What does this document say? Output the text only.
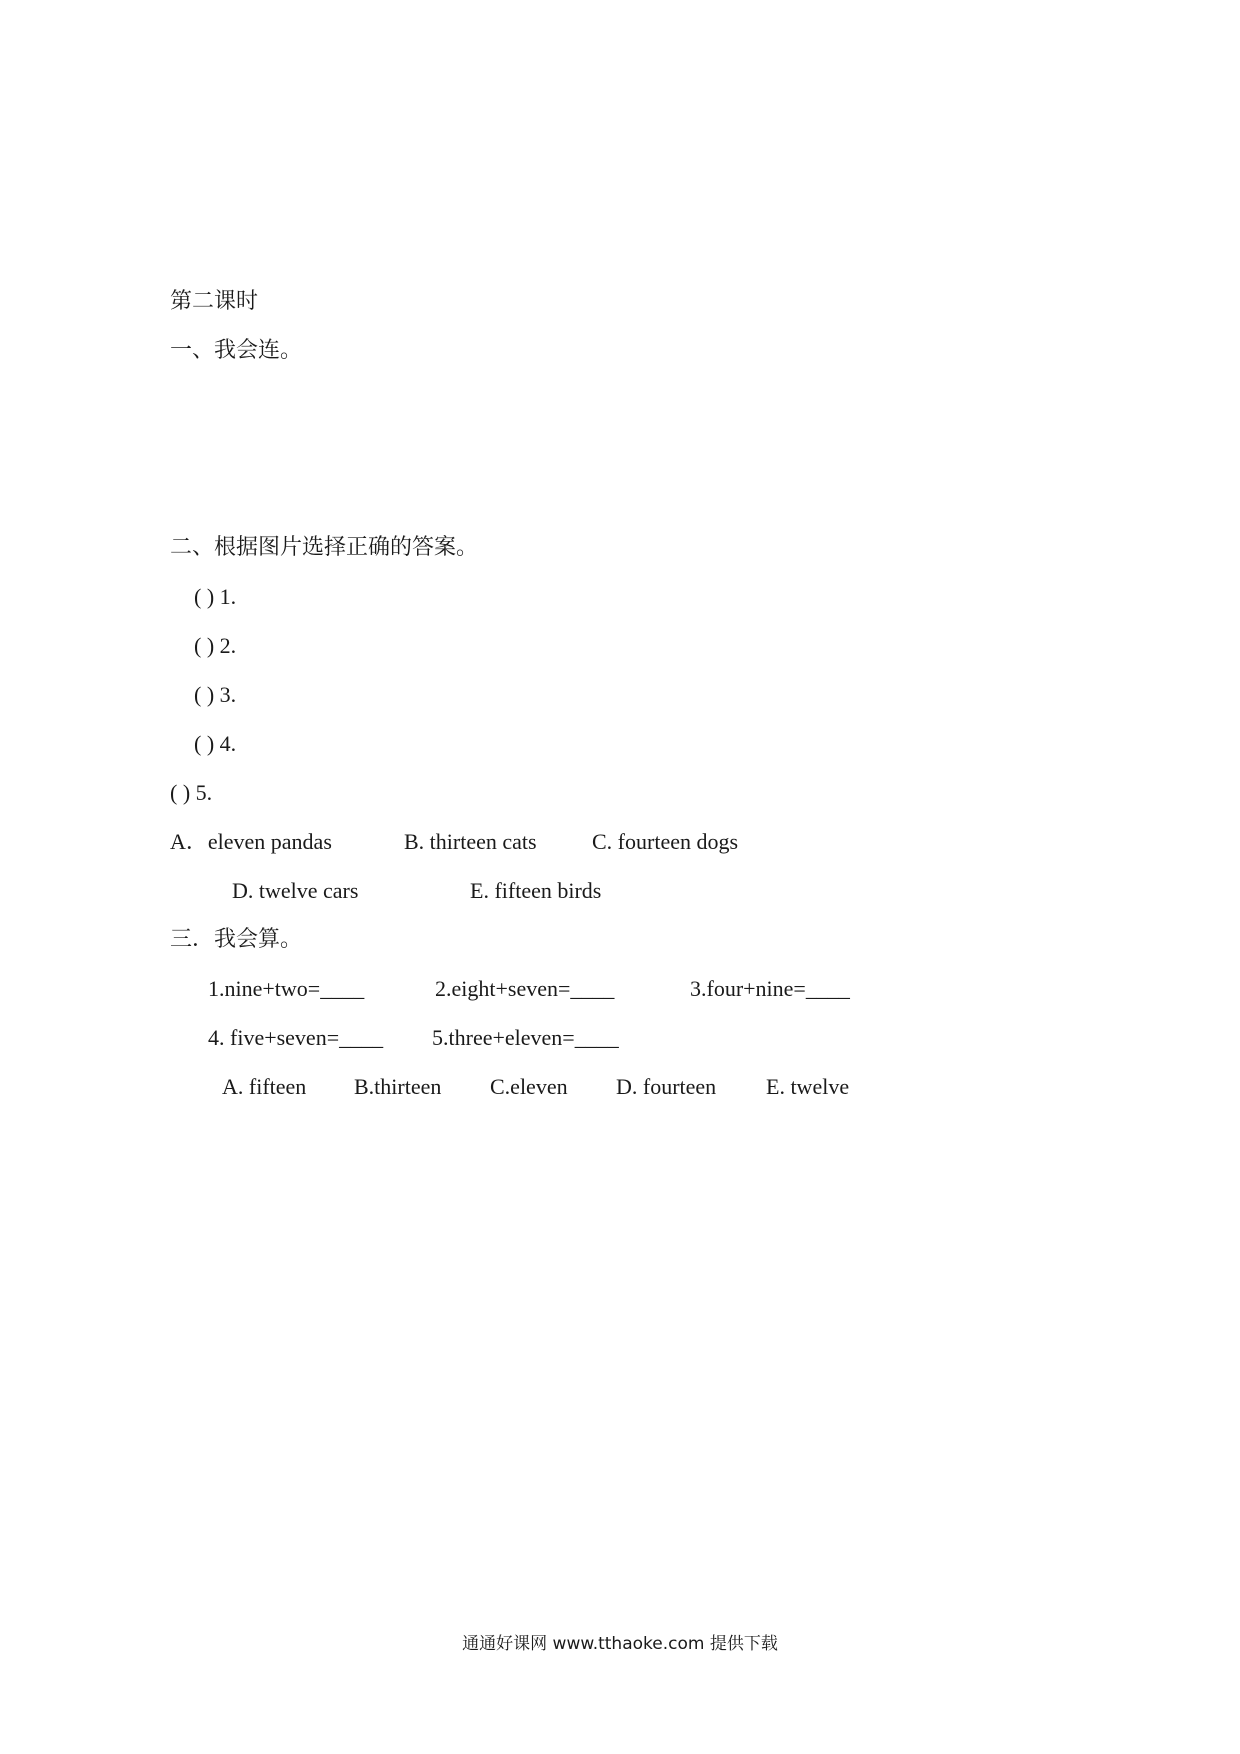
第二课时
一、我会连。
二、根据图片选择正确的答案。
( ) 1.
( ) 2.
( ) 3.
( ) 4.
( ) 5.
A．eleven pandas	B. thirteen cats	C. fourteen dogs
D. twelve cars	E. fifteen birds
三．我会算。
1.nine+two=____	2.eight+seven=____	3.four+nine=____
4. five+seven=____ 5.three+eleven=____
A. fifteen B.thirteen C.eleven D. fourteen E. twelve
通通好课网 www.tthaoke.com 提供下载
